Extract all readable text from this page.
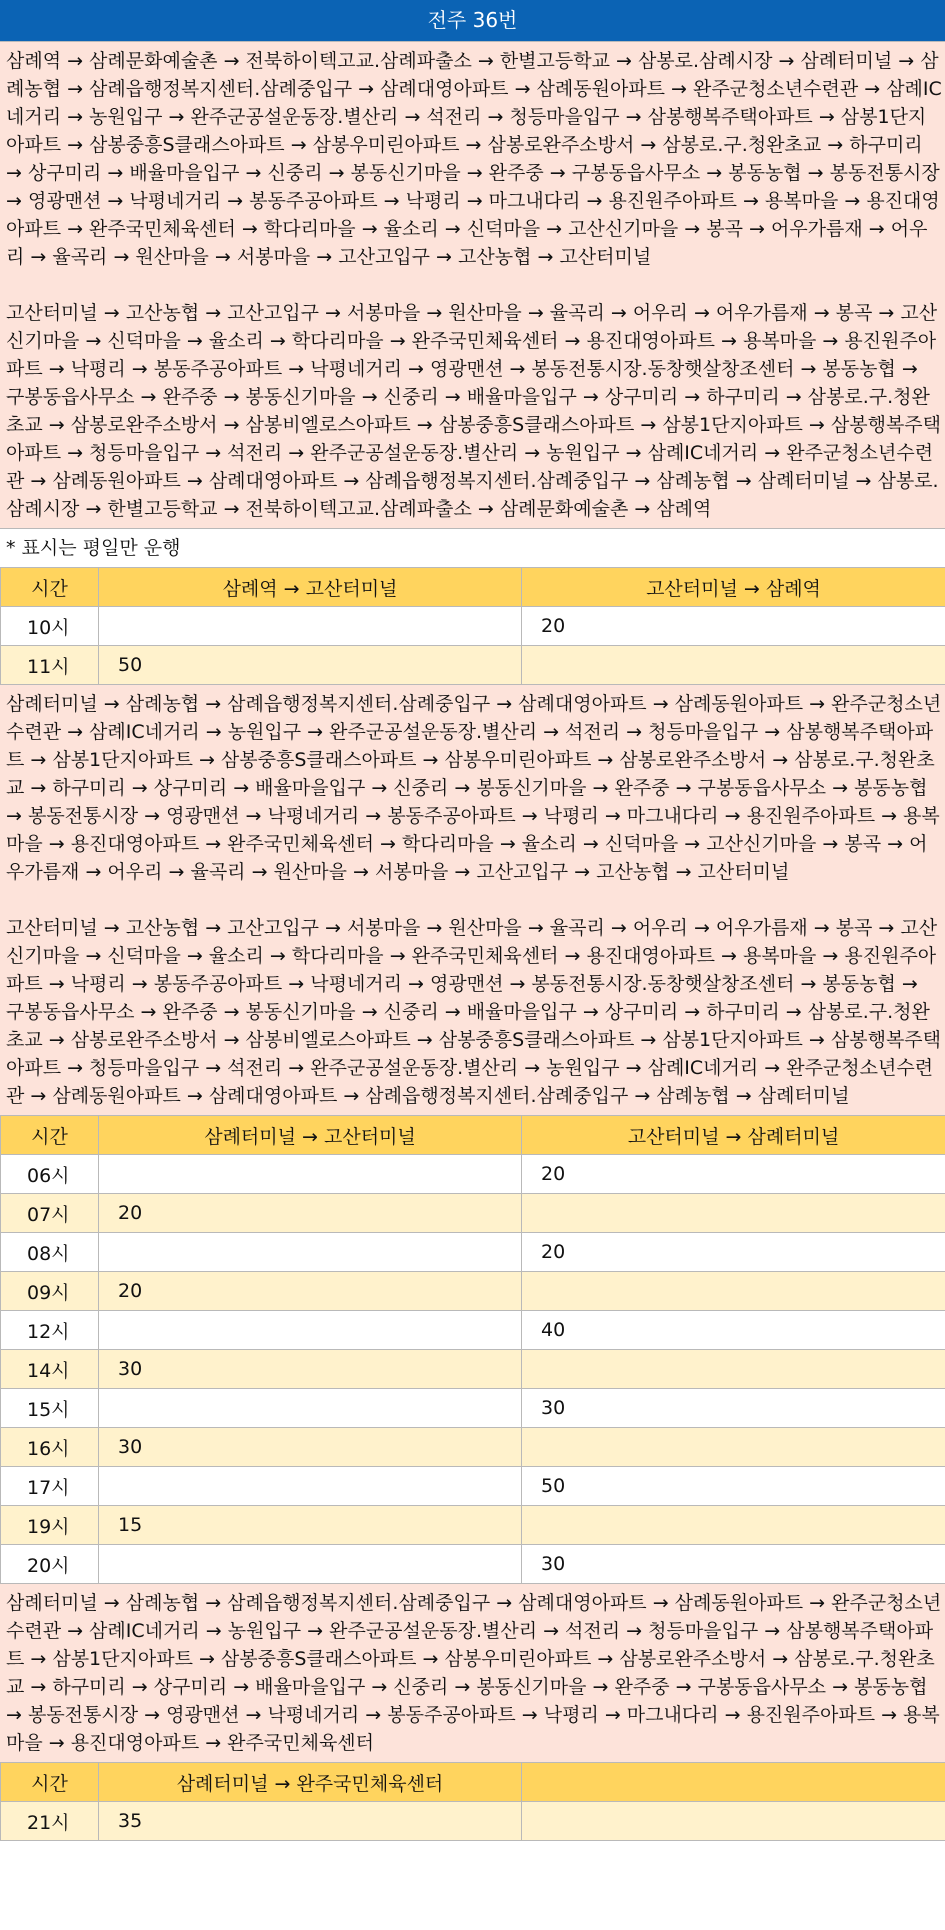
전주 36번

삼례역 → 삼례문화예술촌 → 전북하이텍고교.삼례파출소 → 한별고등학교 → 삼봉로.삼례시장 → 삼례터미널 → 삼례농협 → 삼례읍행정복지센터.삼례중입구 → 삼례대영아파트 → 삼례동원아파트 → 완주군청소년수련관 → 삼례IC네거리 → 농원입구 → 완주군공설운동장.별산리 → 석전리 → 청등마을입구 → 삼봉행복주택아파트 → 삼봉1단지아파트 → 삼봉중흥S클래스아파트 → 삼봉우미린아파트 → 삼봉로완주소방서 → 삼봉로.구.청완초교 → 하구미리 → 상구미리 → 배율마을입구 → 신중리 → 봉동신기마을 → 완주중 → 구봉동읍사무소 → 봉동농협 → 봉동전통시장 → 영광맨션 → 낙평네거리 → 봉동주공아파트 → 낙평리 → 마그내다리 → 용진원주아파트 → 용복마을 → 용진대영아파트 → 완주국민체육센터 → 학다리마을 → 율소리 → 신덕마을 → 고산신기마을 → 봉곡 → 어우가름재 → 어우리 → 율곡리 → 원산마을 → 서봉마을 → 고산고입구 → 고산농협 → 고산터미널

고산터미널 → 고산농협 → 고산고입구 → 서봉마을 → 원산마을 → 율곡리 → 어우리 → 어우가름재 → 봉곡 → 고산신기마을 → 신덕마을 → 율소리 → 학다리마을 → 완주국민체육센터 → 용진대영아파트 → 용복마을 → 용진원주아파트 → 낙평리 → 봉동주공아파트 → 낙평네거리 → 영광맨션 → 봉동전통시장.동창햇살창조센터 → 봉동농협 → 구봉동읍사무소 → 완주중 → 봉동신기마을 → 신중리 → 배율마을입구 → 상구미리 → 하구미리 → 삼봉로.구.청완초교 → 삼봉로완주소방서 → 삼봉비엘로스아파트 → 삼봉중흥S클래스아파트 → 삼봉1단지아파트 → 삼봉행복주택아파트 → 청등마을입구 → 석전리 → 완주군공설운동장.별산리 → 농원입구 → 삼례IC네거리 → 완주군청소년수련관 → 삼례동원아파트 → 삼례대영아파트 → 삼례읍행정복지센터.삼례중입구 → 삼례농협 → 삼례터미널 → 삼봉로.삼례시장 → 한별고등학교 → 전북하이텍고교.삼례파출소 → 삼례문화예술촌 → 삼례역

* 표시는 평일만 운행
시간	삼례역 → 고산터미널	고산터미널 → 삼례역
10시		20
11시	50	

삼례터미널 → 삼례농협 → 삼례읍행정복지센터.삼례중입구 → 삼례대영아파트 → 삼례동원아파트 → 완주군청소년수련관 → 삼례IC네거리 → 농원입구 → 완주군공설운동장.별산리 → 석전리 → 청등마을입구 → 삼봉행복주택아파트 → 삼봉1단지아파트 → 삼봉중흥S클래스아파트 → 삼봉우미린아파트 → 삼봉로완주소방서 → 삼봉로.구.청완초교 → 하구미리 → 상구미리 → 배율마을입구 → 신중리 → 봉동신기마을 → 완주중 → 구봉동읍사무소 → 봉동농협 → 봉동전통시장 → 영광맨션 → 낙평네거리 → 봉동주공아파트 → 낙평리 → 마그내다리 → 용진원주아파트 → 용복마을 → 용진대영아파트 → 완주국민체육센터 → 학다리마을 → 율소리 → 신덕마을 → 고산신기마을 → 봉곡 → 어우가름재 → 어우리 → 율곡리 → 원산마을 → 서봉마을 → 고산고입구 → 고산농협 → 고산터미널

고산터미널 → 고산농협 → 고산고입구 → 서봉마을 → 원산마을 → 율곡리 → 어우리 → 어우가름재 → 봉곡 → 고산신기마을 → 신덕마을 → 율소리 → 학다리마을 → 완주국민체육센터 → 용진대영아파트 → 용복마을 → 용진원주아파트 → 낙평리 → 봉동주공아파트 → 낙평네거리 → 영광맨션 → 봉동전통시장.동창햇살창조센터 → 봉동농협 → 구봉동읍사무소 → 완주중 → 봉동신기마을 → 신중리 → 배율마을입구 → 상구미리 → 하구미리 → 삼봉로.구.청완초교 → 삼봉로완주소방서 → 삼봉비엘로스아파트 → 삼봉중흥S클래스아파트 → 삼봉1단지아파트 → 삼봉행복주택아파트 → 청등마을입구 → 석전리 → 완주군공설운동장.별산리 → 농원입구 → 삼례IC네거리 → 완주군청소년수련관 → 삼례동원아파트 → 삼례대영아파트 → 삼례읍행정복지센터.삼례중입구 → 삼례농협 → 삼례터미널

시간	삼례터미널 → 고산터미널	고산터미널 → 삼례터미널
06시		20
07시	20	
08시		20
09시	20	
12시		40
14시	30	
15시		30
16시	30	
17시		50
19시	15	
20시		30

삼례터미널 → 삼례농협 → 삼례읍행정복지센터.삼례중입구 → 삼례대영아파트 → 삼례동원아파트 → 완주군청소년수련관 → 삼례IC네거리 → 농원입구 → 완주군공설운동장.별산리 → 석전리 → 청등마을입구 → 삼봉행복주택아파트 → 삼봉1단지아파트 → 삼봉중흥S클래스아파트 → 삼봉우미린아파트 → 삼봉로완주소방서 → 삼봉로.구.청완초교 → 하구미리 → 상구미리 → 배율마을입구 → 신중리 → 봉동신기마을 → 완주중 → 구봉동읍사무소 → 봉동농협 → 봉동전통시장 → 영광맨션 → 낙평네거리 → 봉동주공아파트 → 낙평리 → 마그내다리 → 용진원주아파트 → 용복마을 → 용진대영아파트 → 완주국민체육센터

시간	삼례터미널 → 완주국민체육센터	
21시	35	
